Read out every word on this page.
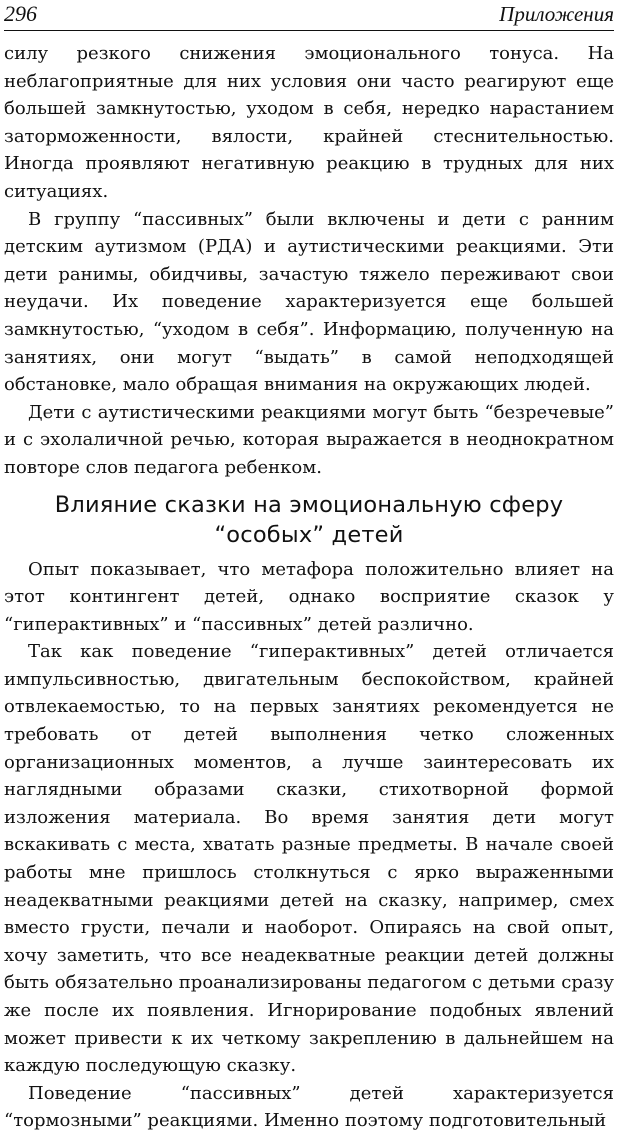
296	Приложения

силу резкого снижения эмоционального тонуса. На неблагоприятные для них условия они часто реагируют еще большей замкнутостью, уходом в себя, нередко нарастанием заторможенности, вялости, крайней стеснительностью. Иногда проявляют негативную реакцию в трудных для них ситуациях.

В группу “пассивных” были включены и дети с ранним детским аутизмом (РДА) и аутистическими реакциями. Эти дети ранимы, обидчивы, зачастую тяжело переживают свои неудачи. Их поведение характеризуется еще большей замкнутостью, “уходом в себя”. Информацию, полученную на занятиях, они могут “выдать” в самой неподходящей обстановке, мало обращая внимания на окружающих людей.

Дети с аутистическими реакциями могут быть “безречевые” и с эхолаличной речью, которая выражается в неоднократном повторе слов педагога ребенком.

Влияние сказки на эмоциональную сферу “особых” детей

Опыт показывает, что метафора положительно влияет на этот контингент детей, однако восприятие сказок у “гиперактивных” и “пассивных” детей различно.

Так как поведение “гиперактивных” детей отличается импульсивностью, двигательным беспокойством, крайней отвлекаемостью, то на первых занятиях рекомендуется не требовать от детей выполнения четко сложенных организационных моментов, а лучше заинтересовать их наглядными образами сказки, стихотворной формой изложения материала. Во время занятия дети могут вскакивать с места, хватать разные предметы. В начале своей работы мне пришлось столкнуться с ярко выраженными неадекватными реакциями детей на сказку, например, смех вместо грусти, печали и наоборот. Опираясь на свой опыт, хочу заметить, что все неадекватные реакции детей должны быть обязательно проанализированы педагогом с детьми сразу же после их появления. Игнорирование подобных явлений может привести к их четкому закреплению в дальнейшем на каждую последующую сказку.

Поведение “пассивных” детей характеризуется “тормозными” реакциями. Именно поэтому подготовительный
